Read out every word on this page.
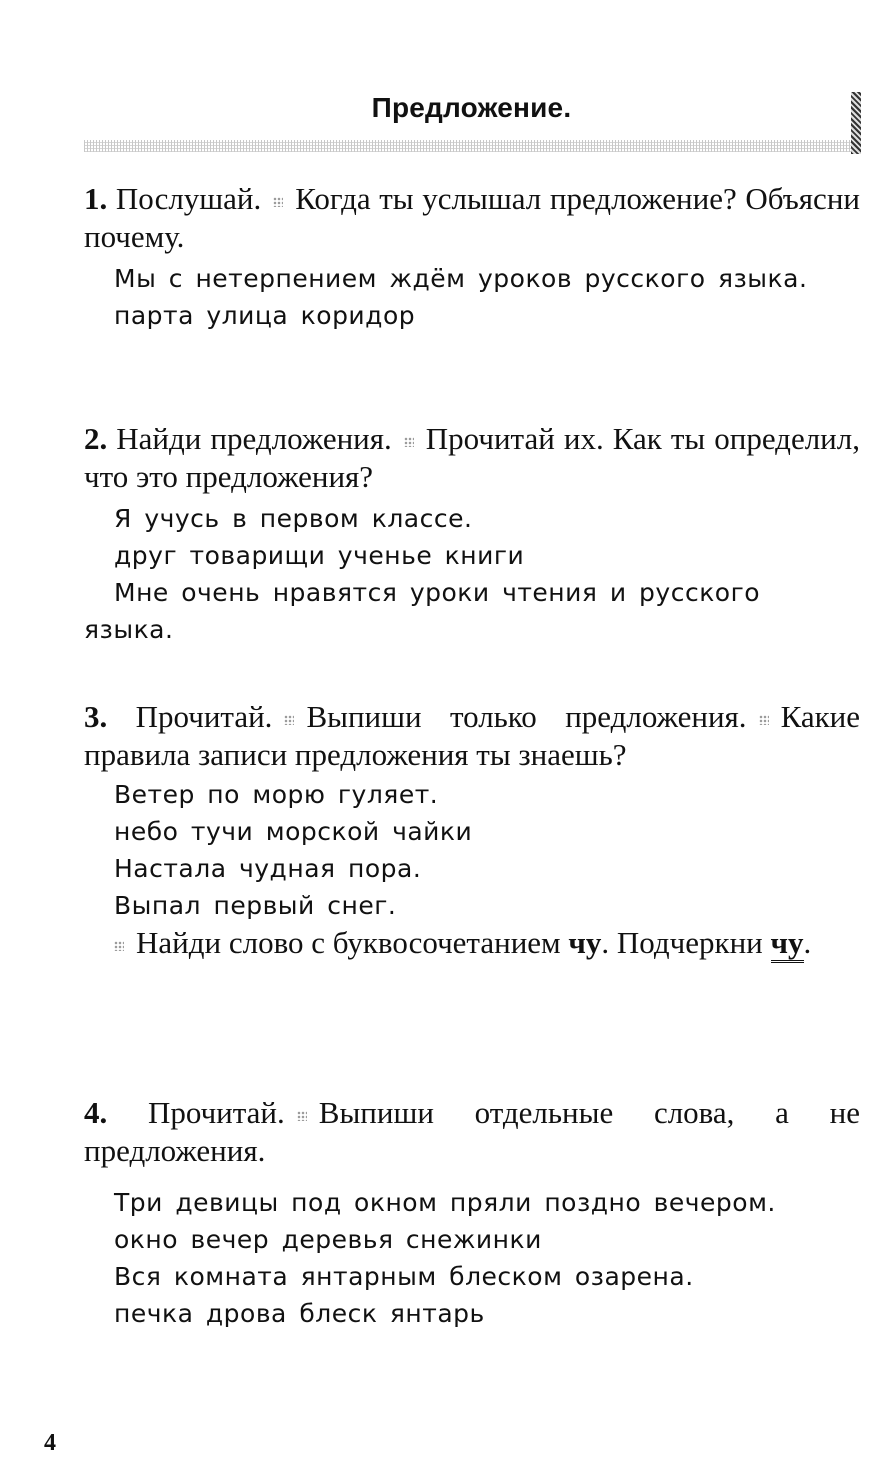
Предложение.

1. Послушай. Когда ты услышал предложение? Объясни почему.

Мы с нетерпением ждём уроков русского языка.

парта улица коридор

2. Найди предложения. Прочитай их. Как ты определил, что это предложения?

Я учусь в первом классе.

друг товарищи ученье книги

Мне очень нравятся уроки чтения и русского языка.

3. Прочитай. Выпиши только предложения. Какие правила записи предложения ты знаешь?

Ветер по морю гуляет.

небо тучи морской чайки

Настала чудная пора.

Выпал первый снег.

Найди слово с буквосочетанием чу. Подчеркни чу.

4. Прочитай. Выпиши отдельные слова, а не предложения.

Три девицы под окном пряли поздно вечером.

окно вечер деревья снежинки

Вся комната янтарным блеском озарена.

печка дрова блеск янтарь

4
